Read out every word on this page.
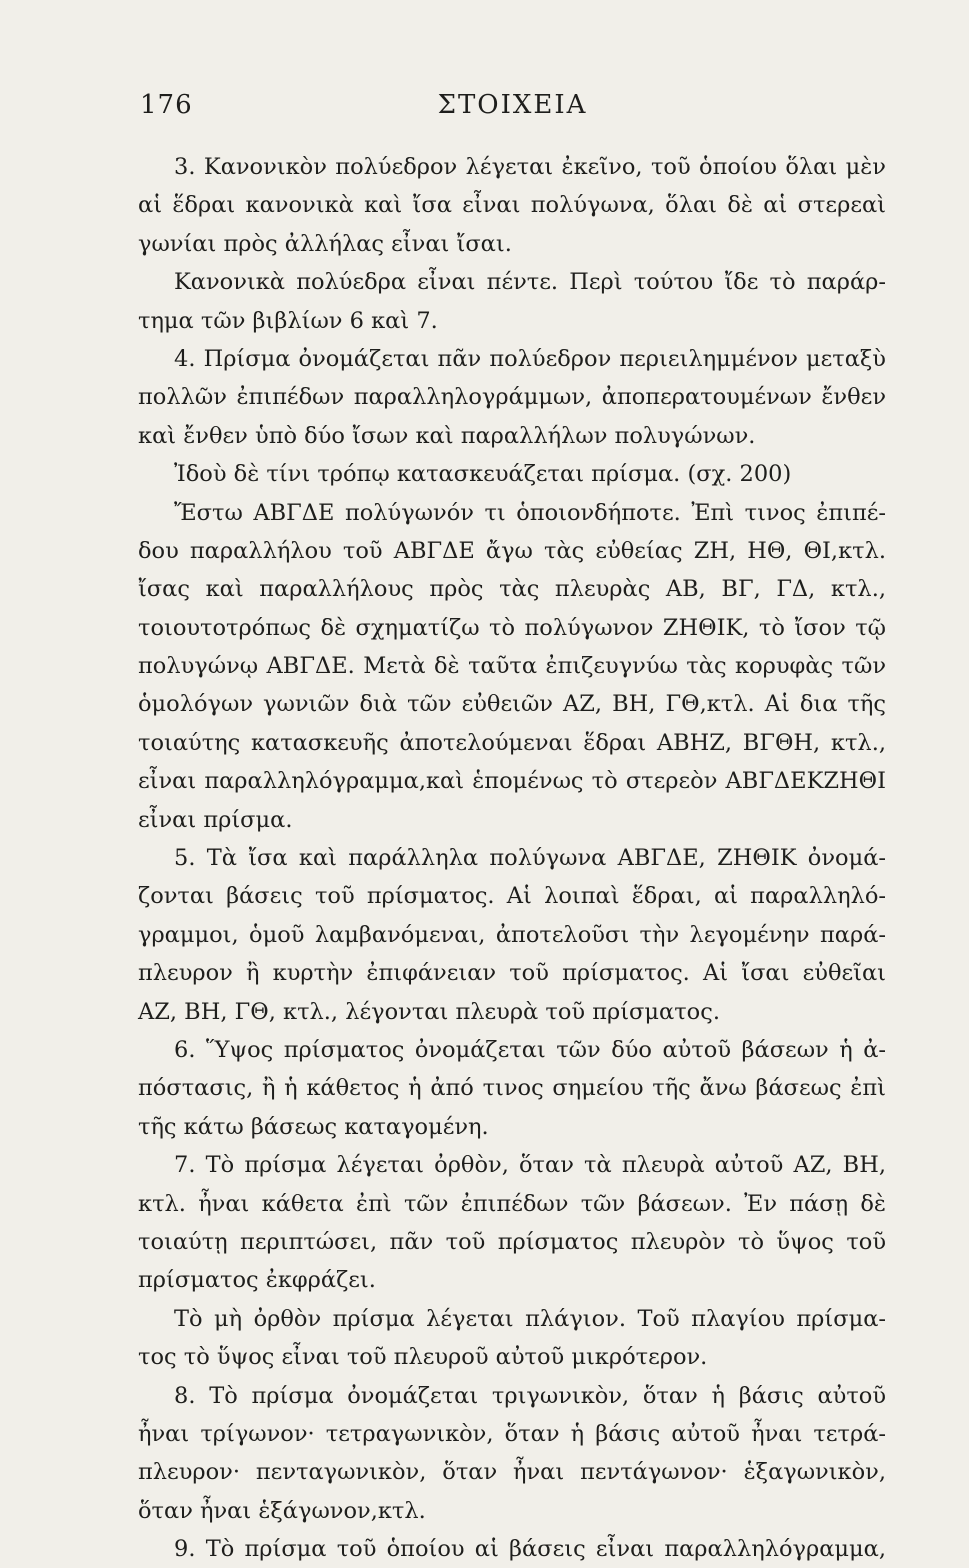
176	ΣΤΟΙΧΕΙΑ
3. Κανονικὸν πολύεδρον λέγεται ἐκεῖνο, τοῦ ὁποίου ὅλαι μὲν
αἱ ἕδραι κανονικὰ καὶ ἴσα εἶναι πολύγωνα, ὅλαι δὲ αἱ στερεαὶ
γωνίαι πρὸς ἀλλήλας εἶναι ἴσαι.
Κανονικὰ πολύεδρα εἶναι πέντε. Περὶ τούτου ἴδε τὸ παράρ-
τημα τῶν βιβλίων 6 καὶ 7.
4. Πρίσμα ὀνομάζεται πᾶν πολύεδρον περιειλημμένον μεταξὺ
πολλῶν ἐπιπέδων παραλληλογράμμων, ἀποπερατουμένων ἔνθεν
καὶ ἔνθεν ὑπὸ δύο ἴσων καὶ παραλλήλων πολυγώνων.
Ἰδοὺ δὲ τίνι τρόπῳ κατασκευάζεται πρίσμα. (σχ. 200)
Ἔστω ΑΒΓΔΕ πολύγωνόν τι ὁποιονδήποτε. Ἐπὶ τινος ἐπιπέ-
δου παραλλήλου τοῦ ΑΒΓΔΕ ἄγω τὰς εὐθείας ΖΗ, ΗΘ, ΘΙ,κτλ.
ἴσας καὶ παραλλήλους πρὸς τὰς πλευρὰς ΑΒ, ΒΓ, ΓΔ, κτλ.,
τοιουτοτρόπως δὲ σχηματίζω τὸ πολύγωνον ΖΗΘΙΚ, τὸ ἴσον τῷ
πολυγώνῳ ΑΒΓΔΕ. Μετὰ δὲ ταῦτα ἐπιζευγνύω τὰς κορυφὰς τῶν
ὁμολόγων γωνιῶν διὰ τῶν εὐθειῶν ΑΖ, ΒΗ, ΓΘ,κτλ. Αἱ δια τῆς
τοιαύτης κατασκευῆς ἀποτελούμεναι ἕδραι ΑΒΗΖ, ΒΓΘΗ, κτλ.,
εἶναι παραλληλόγραμμα,καὶ ἑπομένως τὸ στερεὸν ΑΒΓΔΕΚΖΗΘΙ
εἶναι πρίσμα.
5. Τὰ ἴσα καὶ παράλληλα πολύγωνα ΑΒΓΔΕ, ΖΗΘΙΚ ὀνομά-
ζονται βάσεις τοῦ πρίσματος. Αἱ λοιπαὶ ἕδραι, αἱ παραλληλό-
γραμμοι, ὁμοῦ λαμβανόμεναι, ἀποτελοῦσι τὴν λεγομένην παρά-
πλευρον ἢ κυρτὴν ἐπιφάνειαν τοῦ πρίσματος. Αἱ ἴσαι εὐθεῖαι
ΑΖ, ΒΗ, ΓΘ, κτλ., λέγονται πλευρὰ τοῦ πρίσματος.
6. Ὕψος πρίσματος ὀνομάζεται τῶν δύο αὐτοῦ βάσεων ἡ ἀ-
πόστασις, ἢ ἡ κάθετος ἡ ἀπό τινος σημείου τῆς ἄνω βάσεως ἐπὶ
τῆς κάτω βάσεως καταγομένη.
7. Τὸ πρίσμα λέγεται ὀρθὸν, ὅταν τὰ πλευρὰ αὐτοῦ ΑΖ, ΒΗ,
κτλ. ἦναι κάθετα ἐπὶ τῶν ἐπιπέδων τῶν βάσεων. Ἐν πάσῃ δὲ
τοιαύτῃ περιπτώσει, πᾶν τοῦ πρίσματος πλευρὸν τὸ ὕψος τοῦ
πρίσματος ἐκφράζει.
Τὸ μὴ ὀρθὸν πρίσμα λέγεται πλάγιον. Τοῦ πλαγίου πρίσμα-
τος τὸ ὕψος εἶναι τοῦ πλευροῦ αὐτοῦ μικρότερον.
8. Τὸ πρίσμα ὀνομάζεται τριγωνικὸν, ὅταν ἡ βάσις αὐτοῦ
ἦναι τρίγωνον· τετραγωνικὸν, ὅταν ἡ βάσις αὐτοῦ ἦναι τετρά-
πλευρον· πενταγωνικὸν, ὅταν ἦναι πεντάγωνον· ἑξαγωνικὸν,
ὅταν ἦναι ἑξάγωνον,κτλ.
9. Τὸ πρίσμα τοῦ ὁποίου αἱ βάσεις εἶναι παραλληλόγραμμα,
